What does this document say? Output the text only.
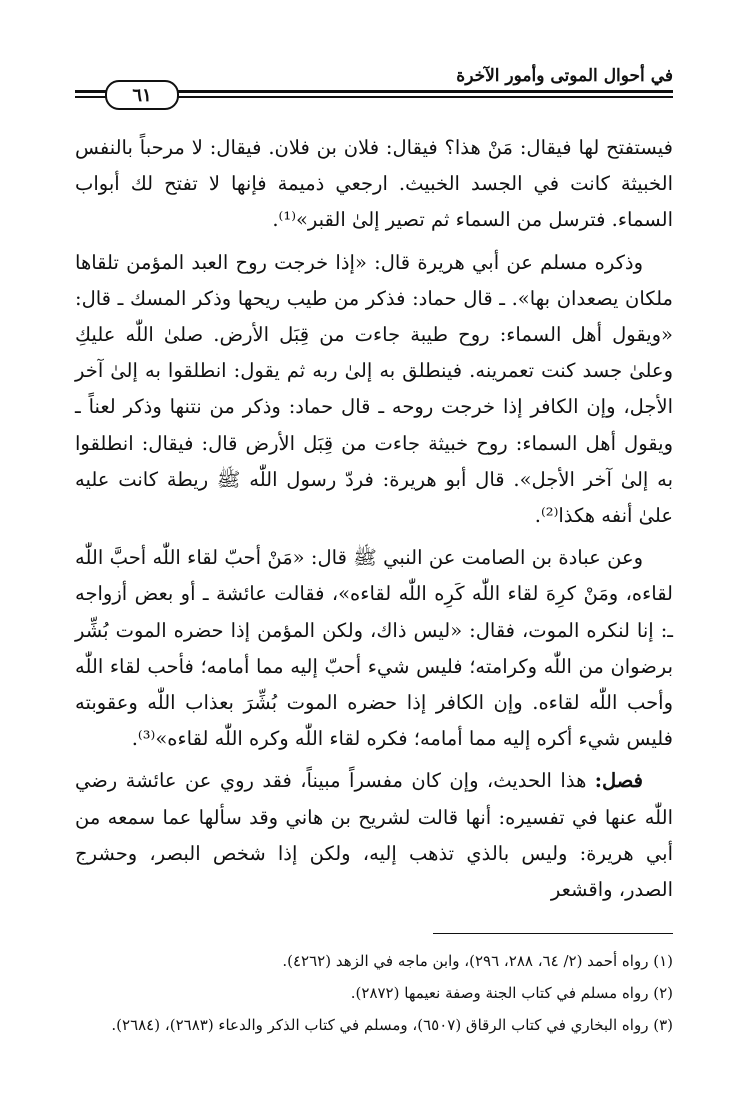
في أحوال الموتى وأمور الآخرة
٦١

فيستفتح لها فيقال: مَنْ هذا؟ فيقال: فلان بن فلان. فيقال: لا مرحباً بالنفس الخبيثة كانت في الجسد الخبيث. ارجعي ذميمة فإنها لا تفتح لك أبواب السماء. فترسل من السماء ثم تصير إلىٰ القبر»⁽¹⁾.

وذكره مسلم عن أبي هريرة قال: «إذا خرجت روح العبد المؤمن تلقاها ملكان يصعدان بها». ـ قال حماد: فذكر من طيب ريحها وذكر المسك ـ قال: «ويقول أهل السماء: روح طيبة جاءت من قِبَل الأرض. صلىٰ اللّٰه عليكِ وعلىٰ جسد كنت تعمرينه. فينطلق به إلىٰ ربه ثم يقول: انطلقوا به إلىٰ آخر الأجل، وإن الكافر إذا خرجت روحه ـ قال حماد: وذكر من نتنها وذكر لعناً ـ ويقول أهل السماء: روح خبيثة جاءت من قِبَل الأرض قال: فيقال: انطلقوا به إلىٰ آخر الأجل». قال أبو هريرة: فردّ رسول اللّٰه ﷺ ريطة كانت عليه علىٰ أنفه هكذا⁽²⁾.

وعن عبادة بن الصامت عن النبي ﷺ قال: «مَنْ أحبّ لقاء اللّٰه أحبَّ اللّٰه لقاءه، ومَنْ كرِهَ لقاء اللّٰه كَرِه اللّٰه لقاءه»، فقالت عائشة ـ أو بعض أزواجه ـ: إنا لنكره الموت، فقال: «ليس ذاك، ولكن المؤمن إذا حضره الموت بُشِّر برضوان من اللّٰه وكرامته؛ فليس شيء أحبّ إليه مما أمامه؛ فأحب لقاء اللّٰه وأحب اللّٰه لقاءه. وإن الكافر إذا حضره الموت بُشِّرَ بعذاب اللّٰه وعقوبته فليس شيء أكره إليه مما أمامه؛ فكره لقاء اللّٰه وكره اللّٰه لقاءه»⁽³⁾.

فصل: هذا الحديث، وإن كان مفسراً مبيناً، فقد روي عن عائشة رضي اللّٰه عنها في تفسيره: أنها قالت لشريح بن هاني وقد سألها عما سمعه من أبي هريرة: وليس بالذي تذهب إليه، ولكن إذا شخص البصر، وحشرج الصدر، واقشعر

(١) رواه أحمد (٢/ ٦٤، ٢٨٨، ٢٩٦)، وابن ماجه في الزهد (٤٢٦٢).
(٢) رواه مسلم في كتاب الجنة وصفة نعيمها (٢٨٧٢).
(٣) رواه البخاري في كتاب الرقاق (٦٥٠٧)، ومسلم في كتاب الذكر والدعاء (٢٦٨٣)، (٢٦٨٤).
